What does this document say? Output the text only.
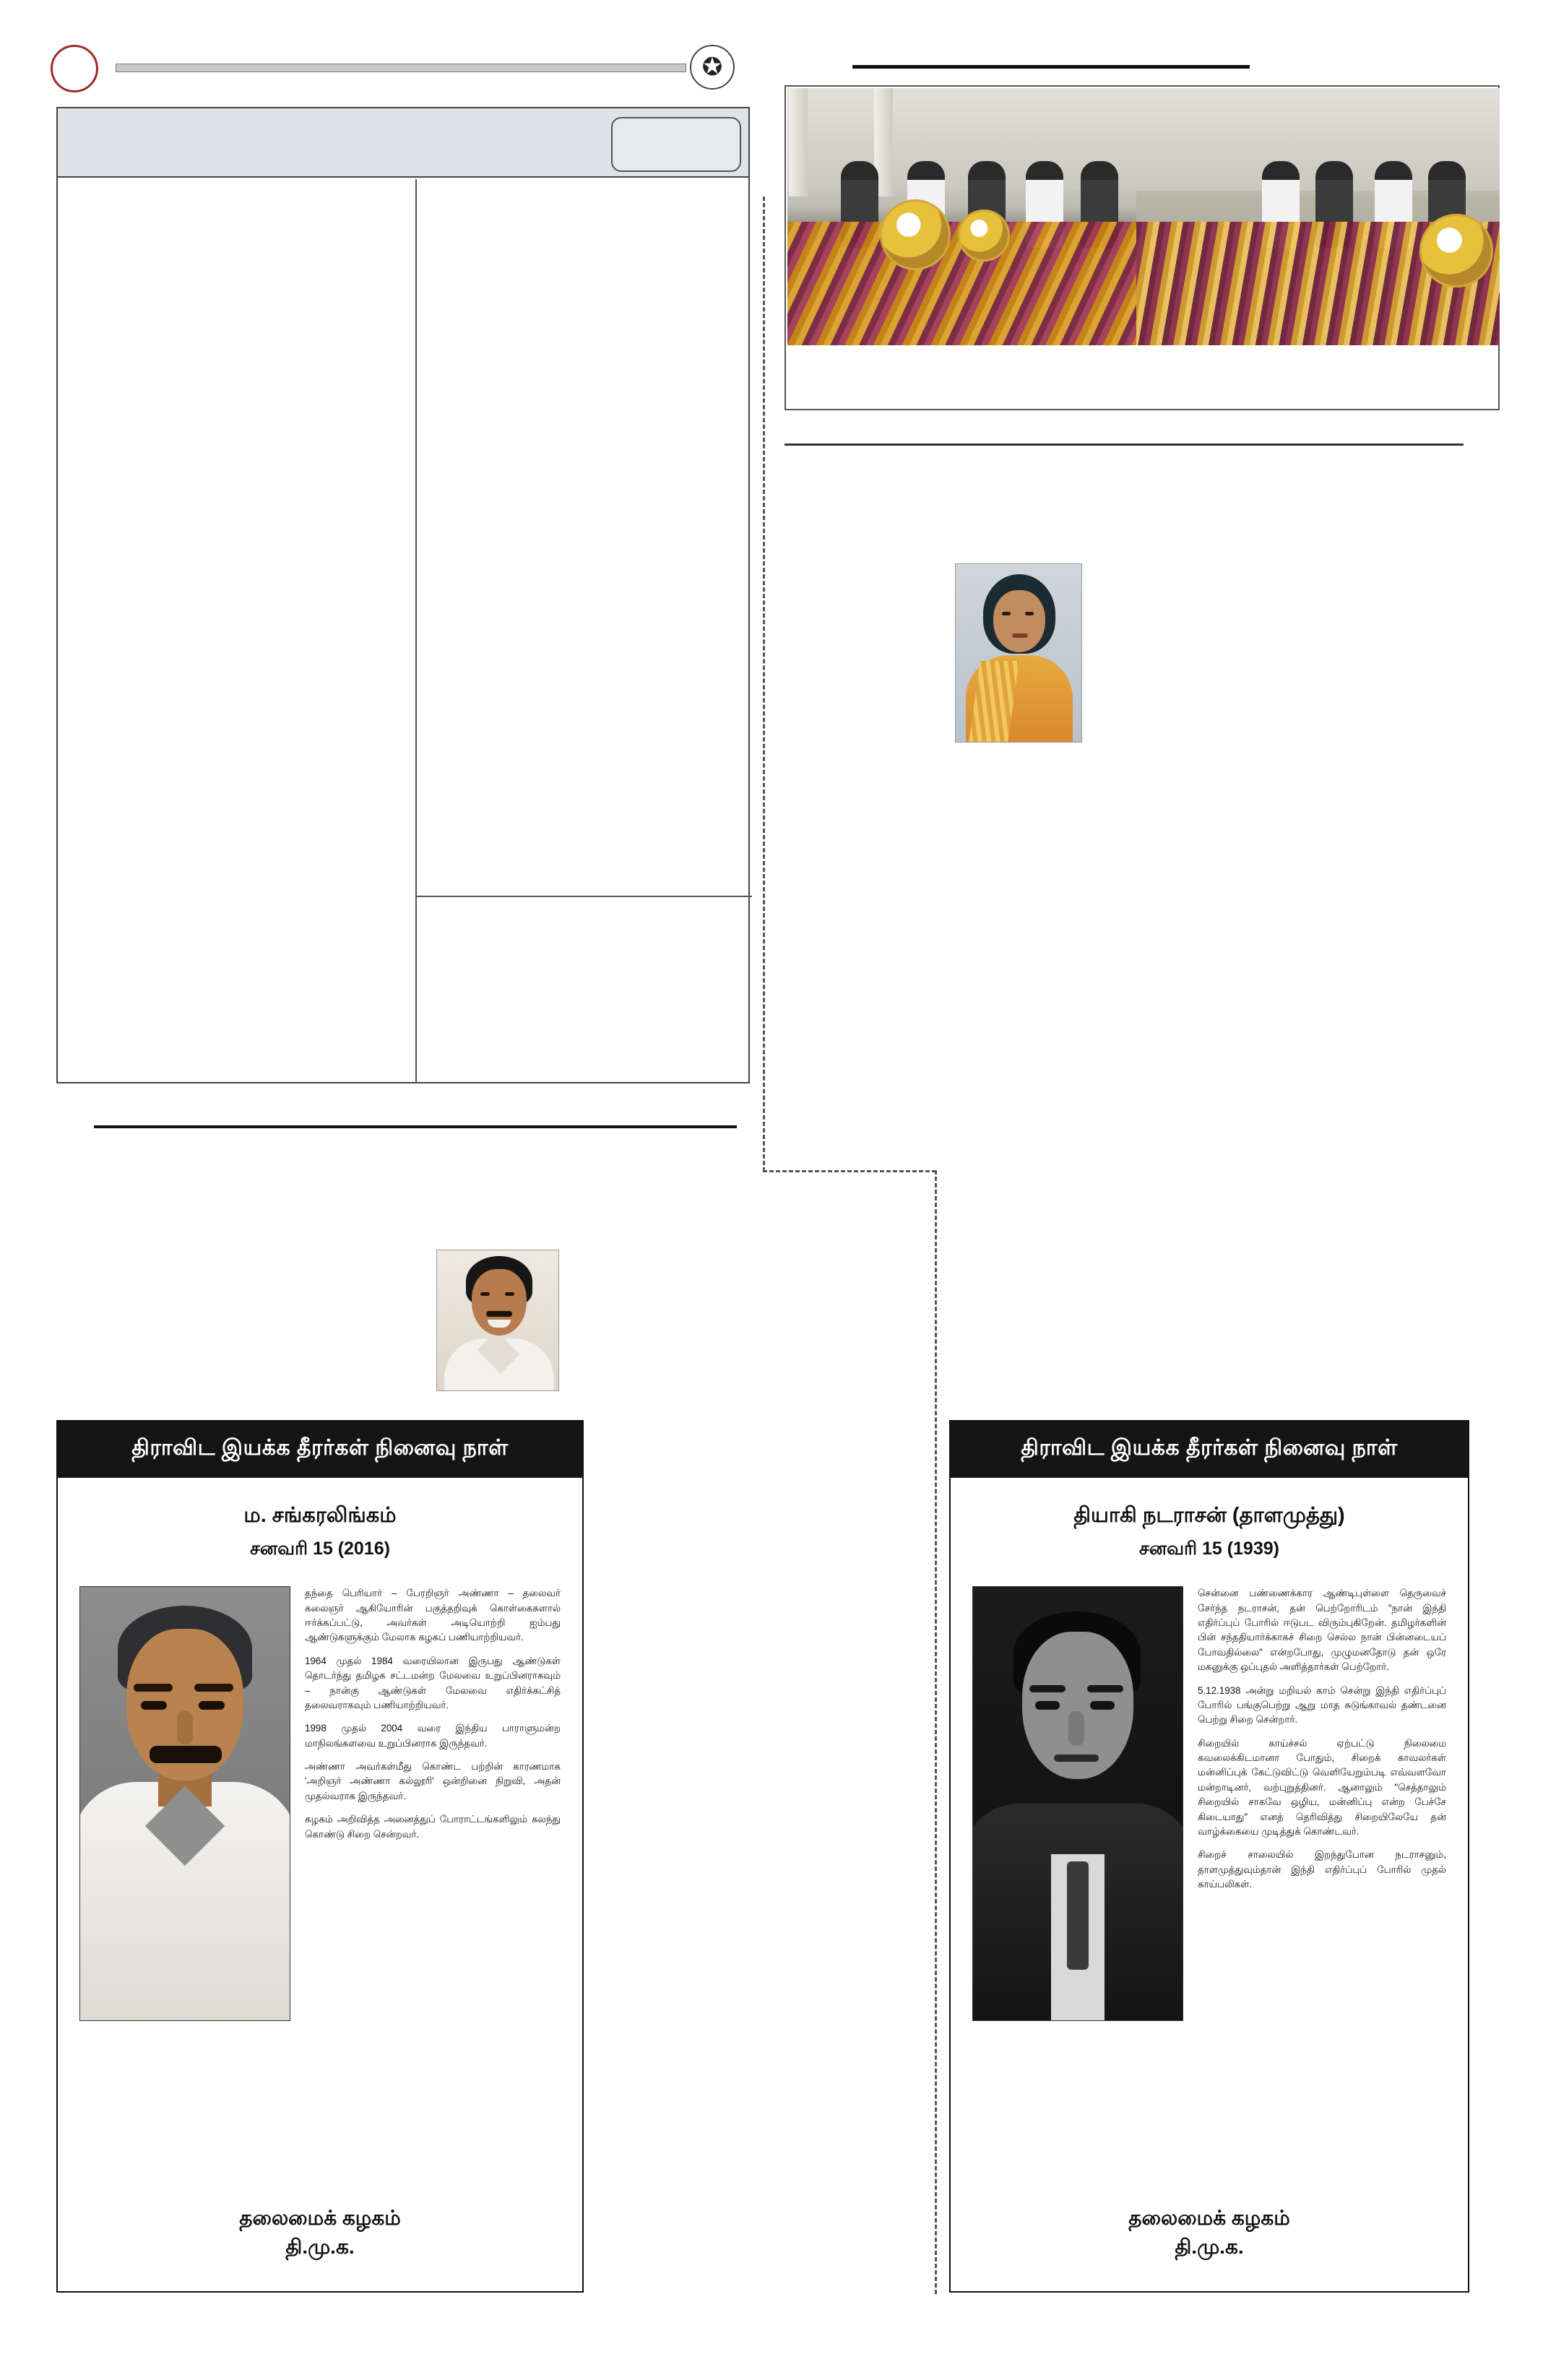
✪
திராவிட இயக்க தீரர்கள் நினைவு நாள்
ம. சங்கரலிங்கம்
சனவரி 15 (2016)

தந்தை பெரியார் – பேரறிஞர் அண்ணா – தலைவர் கலைஞர் ஆகியோரின் பகுத்தறிவுக் கொள்கைகளால் ஈர்க்கப்பட்டு, அவர்கள் அடியொற்றி ஐம்பது ஆண்டுகளுக்கும் மேலாக கழகப் பணியாற்றியவர்.

1964 முதல் 1984 வரையிலான இருபது ஆண்டுகள் தொடர்ந்து தமிழக சட்டமன்ற மேலவை உறுப்பினராகவும் – நான்கு ஆண்டுகள் மேலவை எதிர்க்கட்சித் தலைவராகவும் பணியாற்றியவர்.

1998 முதல் 2004 வரை இந்திய பாராளுமன்ற மாநிலங்களவை உறுப்பினராக இருந்தவர்.

அண்ணா அவர்கள்மீது கொண்ட பற்றின் காரணமாக 'அறிஞர் அண்ணா கல்லூரி' ஒன்றினை நிறுவி, அதன் முதல்வராக இருந்தவர்.

கழகம் அறிவித்த அனைத்துப் போராட்டங்களிலும் கலந்து கொண்டு சிறை சென்றவர்.

தலைமைக் கழகம்
தி.மு.க.
திராவிட இயக்க தீரர்கள் நினைவு நாள்
தியாகி நடராசன் (தாளமுத்து)
சனவரி 15 (1939)

சென்னை பண்ணைக்கார ஆண்டிபுள்ளை தெருவைச் சேர்ந்த நடராசன், தன் பெற்றோரிடம் "நான் இந்தி எதிர்ப்புப் போரில் ஈடுபட விரும்புகிறேன். தமிழர்களின் பின் சந்ததியார்க்காகச் சிறை செல்ல நான் பின்னடையப் போவதில்லை" என்றபோது, முழுமனதோடு தன் ஒரே மகனுக்கு ஒப்புதல் அளித்தார்கள் பெற்றோர்.

5.12.1938 அன்று மறியல் காம் சென்று இந்தி எதிர்ப்புப் போரில் பங்குபெற்று ஆறு மாத சுடுங்காவல் தண்டனை பெற்று சிறை சென்றார்.

சிறையில் காய்ச்சல் ஏற்பட்டு நிலைமை கவலைக்கிடமானா போதும், சிறைக் காவலர்கள் மன்னிப்புக் கேட்டுவிட்டு வெளியேறும்படி எவ்வளவோ மன்றாடினர், வற்புறுத்தினர். ஆனாலும் "செத்தாலும் சிறையில் சாகவே ஒழிய, மன்னிப்பு என்ற பேச்சே கிடையாது" எனத் தெரிவித்து சிறையிலேயே தன் வாழ்க்கையை முடித்துக் கொண்டவர்.

சிறைச் சாலையில் இறந்துபோன நடராசனும், தாளமுத்துவும்தான் இந்தி எதிர்ப்புப் போரில் முதல் காய்பலிகள்.

தலைமைக் கழகம்
தி.மு.க.
